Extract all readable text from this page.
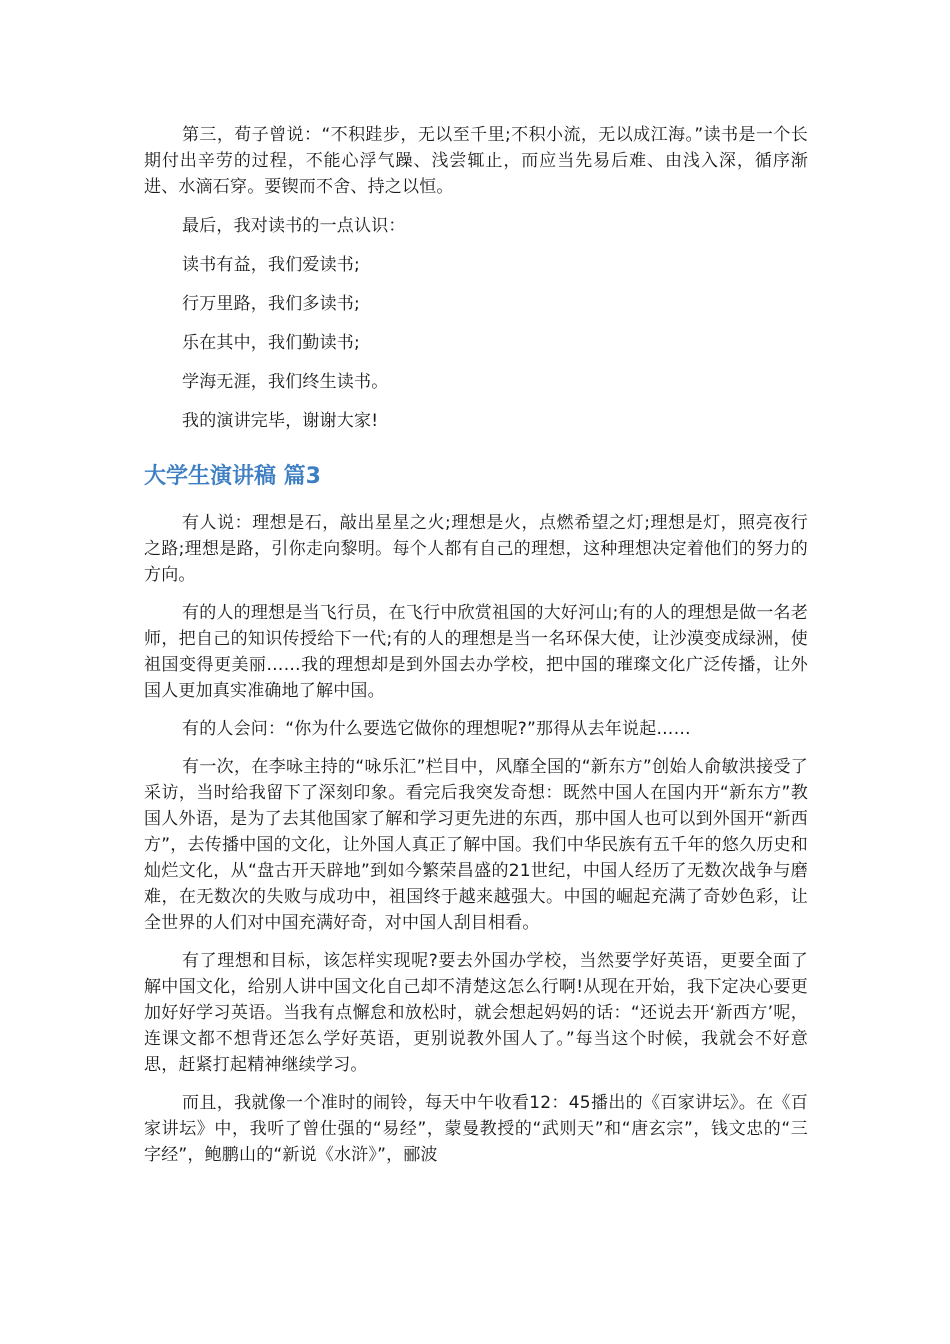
第三，荀子曾说：“不积跬步，无以至千里;不积小流，无以成江海。”读书是一个长期付出辛劳的过程，不能心浮气躁、浅尝辄止，而应当先易后难、由浅入深，循序渐进、水滴石穿。要锲而不舍、持之以恒。

最后，我对读书的一点认识：

读书有益，我们爱读书;

行万里路，我们多读书;

乐在其中，我们勤读书;

学海无涯，我们终生读书。

我的演讲完毕，谢谢大家!

大学生演讲稿 篇3

有人说：理想是石，敲出星星之火;理想是火，点燃希望之灯;理想是灯，照亮夜行之路;理想是路，引你走向黎明。每个人都有自己的理想，这种理想决定着他们的努力的方向。

有的人的理想是当飞行员，在飞行中欣赏祖国的大好河山;有的人的理想是做一名老师，把自己的知识传授给下一代;有的人的理想是当一名环保大使，让沙漠变成绿洲，使祖国变得更美丽……我的理想却是到外国去办学校，把中国的璀璨文化广泛传播，让外国人更加真实准确地了解中国。

有的人会问：“你为什么要选它做你的理想呢?”那得从去年说起……

有一次，在李咏主持的“咏乐汇”栏目中，风靡全国的“新东方”创始人俞敏洪接受了采访，当时给我留下了深刻印象。看完后我突发奇想：既然中国人在国内开“新东方”教国人外语，是为了去其他国家了解和学习更先进的东西，那中国人也可以到外国开“新西方”，去传播中国的文化，让外国人真正了解中国。我们中华民族有五千年的悠久历史和灿烂文化，从“盘古开天辟地”到如今繁荣昌盛的21世纪，中国人经历了无数次战争与磨难，在无数次的失败与成功中，祖国终于越来越强大。中国的崛起充满了奇妙色彩，让全世界的人们对中国充满好奇，对中国人刮目相看。

有了理想和目标，该怎样实现呢?要去外国办学校，当然要学好英语，更要全面了解中国文化，给别人讲中国文化自己却不清楚这怎么行啊!从现在开始，我下定决心要更加好好学习英语。当我有点懈怠和放松时，就会想起妈妈的话：“还说去开‘新西方’呢，连课文都不想背还怎么学好英语，更别说教外国人了。”每当这个时候，我就会不好意思，赶紧打起精神继续学习。

而且，我就像一个准时的闹铃，每天中午收看12：45播出的《百家讲坛》。在《百家讲坛》中，我听了曾仕强的“易经”，蒙曼教授的“武则天”和“唐玄宗”，钱文忠的“三字经”，鲍鹏山的“新说《水浒》”，郦波
